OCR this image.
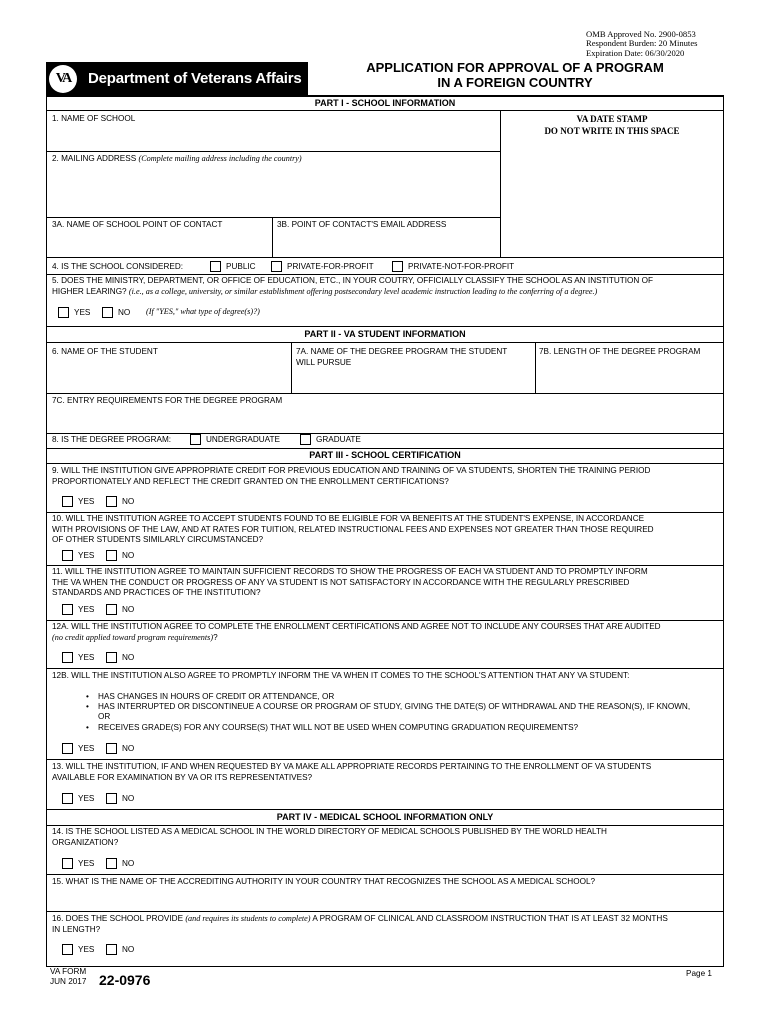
OMB Approved No. 2900-0853
Respondent Burden: 20 Minutes
Expiration Date: 06/30/2020
VA	Department of Veterans Affairs
APPLICATION FOR APPROVAL OF A PROGRAM
IN A FOREIGN COUNTRY
PART I - SCHOOL INFORMATION
1. NAME OF SCHOOL	VA DATE STAMP
DO NOT WRITE IN THIS SPACE
2. MAILING ADDRESS (Complete mailing address including the country)
3A. NAME OF SCHOOL POINT OF CONTACT	3B. POINT OF CONTACT'S EMAIL ADDRESS
4. IS THE SCHOOL CONSIDERED:	PUBLIC	PRIVATE-FOR-PROFIT	PRIVATE-NOT-FOR-PROFIT
5. DOES THE MINISTRY, DEPARTMENT, OR OFFICE OF EDUCATION, ETC., IN YOUR COUTRY, OFFICIALLY CLASSIFY THE SCHOOL AS AN INSTITUTION OF
HIGHER LEARING? (i.e., as a college, university, or similar establishment offering postsecondary level academic instruction leading to the conferring of a degree.)
YES	NO (If "YES," what type of degree(s)?)
PART II - VA STUDENT INFORMATION
6. NAME OF THE STUDENT	7A. NAME OF THE DEGREE PROGRAM THE STUDENT
WILL PURSUE
7B. LENGTH OF THE DEGREE PROGRAM
7C. ENTRY REQUIREMENTS FOR THE DEGREE PROGRAM
8. IS THE DEGREE PROGRAM:	UNDERGRADUATE	GRADUATE
PART III - SCHOOL CERTIFICATION
9. WILL THE INSTITUTION GIVE APPROPRIATE CREDIT FOR PREVIOUS EDUCATION AND TRAINING OF VA STUDENTS, SHORTEN THE TRAINING PERIOD
PROPORTIONATELY AND REFLECT THE CREDIT GRANTED ON THE ENROLLMENT CERTIFICATIONS?
YES	NO
10. WILL THE INSTITUTION AGREE TO ACCEPT STUDENTS FOUND TO BE ELIGIBLE FOR VA BENEFITS AT THE STUDENT'S EXPENSE, IN ACCORDANCE
WITH PROVISIONS OF THE LAW, AND AT RATES FOR TUITION, RELATED INSTRUCTIONAL FEES AND EXPENSES NOT GREATER THAN THOSE REQUIRED
OF OTHER STUDENTS SIMILARLY CIRCUMSTANCED?
YES	NO
11. WILL THE INSTITUTION AGREE TO MAINTAIN SUFFICIENT RECORDS TO SHOW THE PROGRESS OF EACH VA STUDENT AND TO PROMPTLY INFORM
THE VA WHEN THE CONDUCT OR PROGRESS OF ANY VA STUDENT IS NOT SATISFACTORY IN ACCORDANCE WITH THE REGULARLY PRESCRIBED
STANDARDS AND PRACTICES OF THE INSTITUTION?
YES	NO
12A. WILL THE INSTITUTION AGREE TO COMPLETE THE ENROLLMENT CERTIFICATIONS AND AGREE NOT TO INCLUDE ANY COURSES THAT ARE AUDITED
(no credit applied toward program requirements)?
YES	NO
12B. WILL THE INSTITUTION ALSO AGREE TO PROMPTLY INFORM THE VA WHEN IT COMES TO THE SCHOOL'S ATTENTION THAT ANY VA STUDENT:
• HAS CHANGES IN HOURS OF CREDIT OR ATTENDANCE, OR
• HAS INTERRUPTED OR DISCONTINEUE A COURSE OR PROGRAM OF STUDY, GIVING THE DATE(S) OF WITHDRAWAL AND THE REASON(S), IF KNOWN, OR
• RECEIVES GRADE(S) FOR ANY COURSE(S) THAT WILL NOT BE USED WHEN COMPUTING GRADUATION REQUIREMENTS?
YES	NO
13. WILL THE INSTITUTION, IF AND WHEN REQUESTED BY VA MAKE ALL APPROPRIATE RECORDS PERTAINING TO THE ENROLLMENT OF VA STUDENTS
AVAILABLE FOR EXAMINATION BY VA OR ITS REPRESENTATIVES?
YES	NO
PART IV - MEDICAL SCHOOL INFORMATION ONLY
14. IS THE SCHOOL LISTED AS A MEDICAL SCHOOL IN THE WORLD DIRECTORY OF MEDICAL SCHOOLS PUBLISHED BY THE WORLD HEALTH
ORGANIZATION?
YES	NO
15. WHAT IS THE NAME OF THE ACCREDITING AUTHORITY IN YOUR COUNTRY THAT RECOGNIZES THE SCHOOL AS A MEDICAL SCHOOL?
16. DOES THE SCHOOL PROVIDE (and requires its students to complete) A PROGRAM OF CLINICAL AND CLASSROOM INSTRUCTION THAT IS AT LEAST 32 MONTHS
IN LENGTH?
YES	NO
VA FORM
JUN 2017 22-0976	Page 1
